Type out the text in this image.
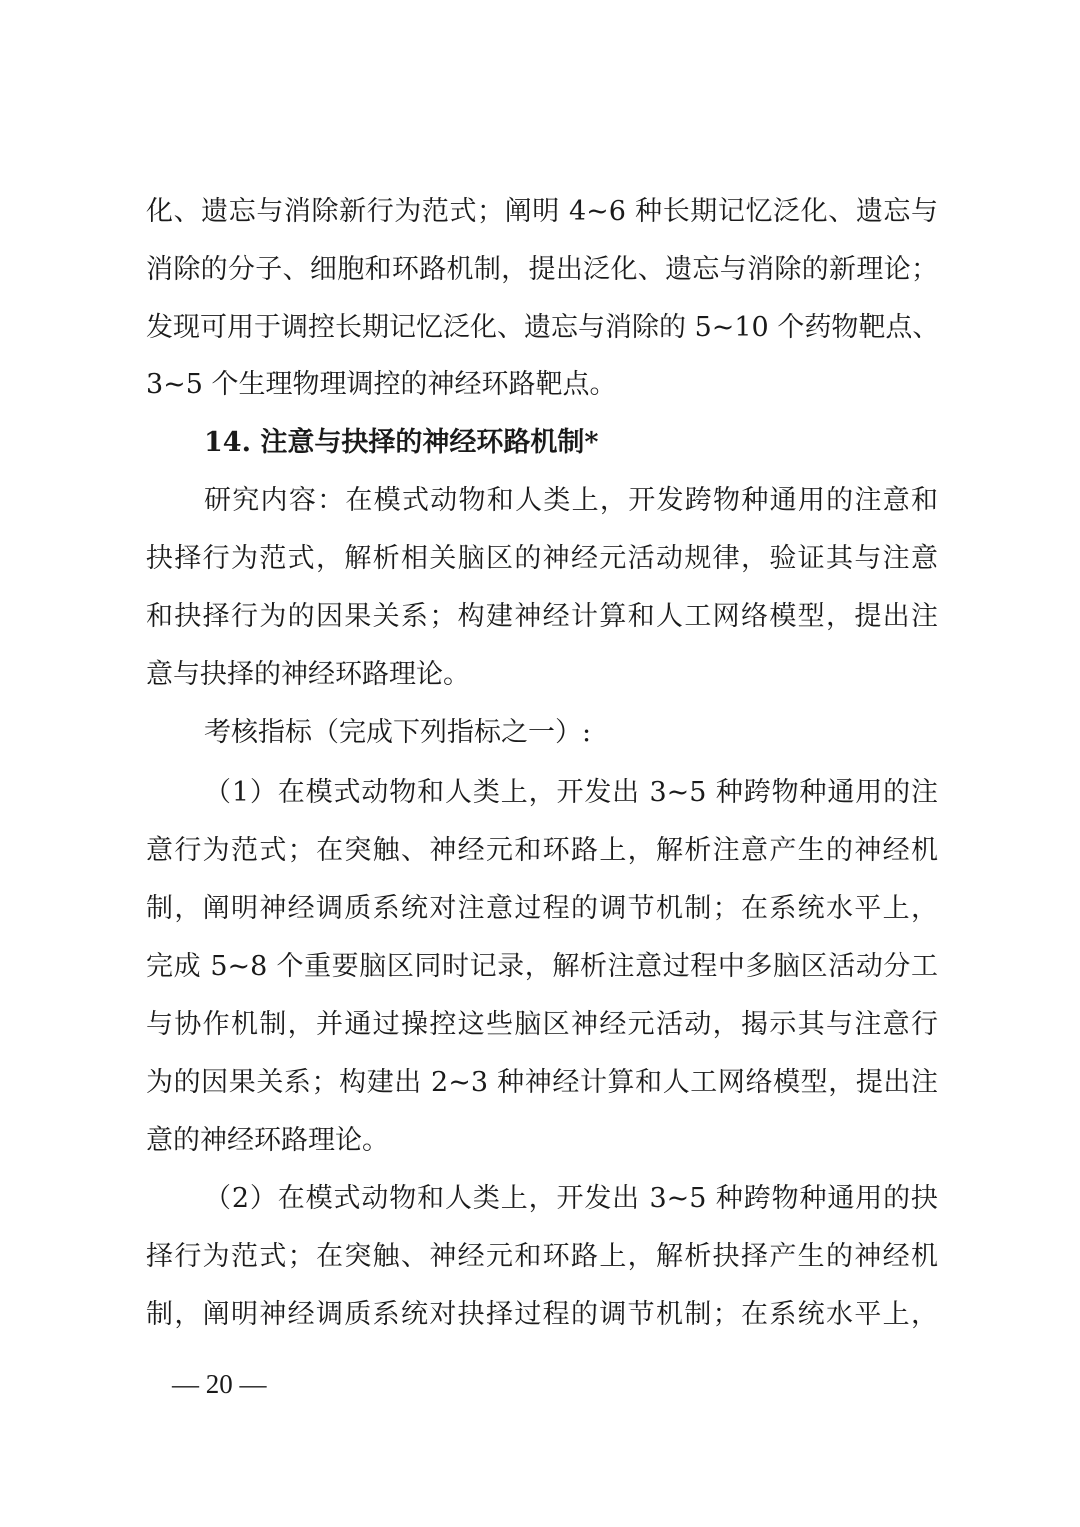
化、遗忘与消除新行为范式；阐明 4~6 种长期记忆泛化、遗忘与
消除的分子、细胞和环路机制，提出泛化、遗忘与消除的新理论；
发现可用于调控长期记忆泛化、遗忘与消除的 5~10 个药物靶点、
3~5 个生理物理调控的神经环路靶点。
14. 注意与抉择的神经环路机制*
研究内容：在模式动物和人类上，开发跨物种通用的注意和
抉择行为范式，解析相关脑区的神经元活动规律，验证其与注意
和抉择行为的因果关系；构建神经计算和人工网络模型，提出注
意与抉择的神经环路理论。
考核指标（完成下列指标之一）:
（1）在模式动物和人类上，开发出 3~5 种跨物种通用的注
意行为范式；在突触、神经元和环路上，解析注意产生的神经机
制，阐明神经调质系统对注意过程的调节机制；在系统水平上，
完成 5~8 个重要脑区同时记录，解析注意过程中多脑区活动分工
与协作机制，并通过操控这些脑区神经元活动，揭示其与注意行
为的因果关系；构建出 2~3 种神经计算和人工网络模型，提出注
意的神经环路理论。
（2）在模式动物和人类上，开发出 3~5 种跨物种通用的抉
择行为范式；在突触、神经元和环路上，解析抉择产生的神经机
制，阐明神经调质系统对抉择过程的调节机制；在系统水平上，
— 20 —
